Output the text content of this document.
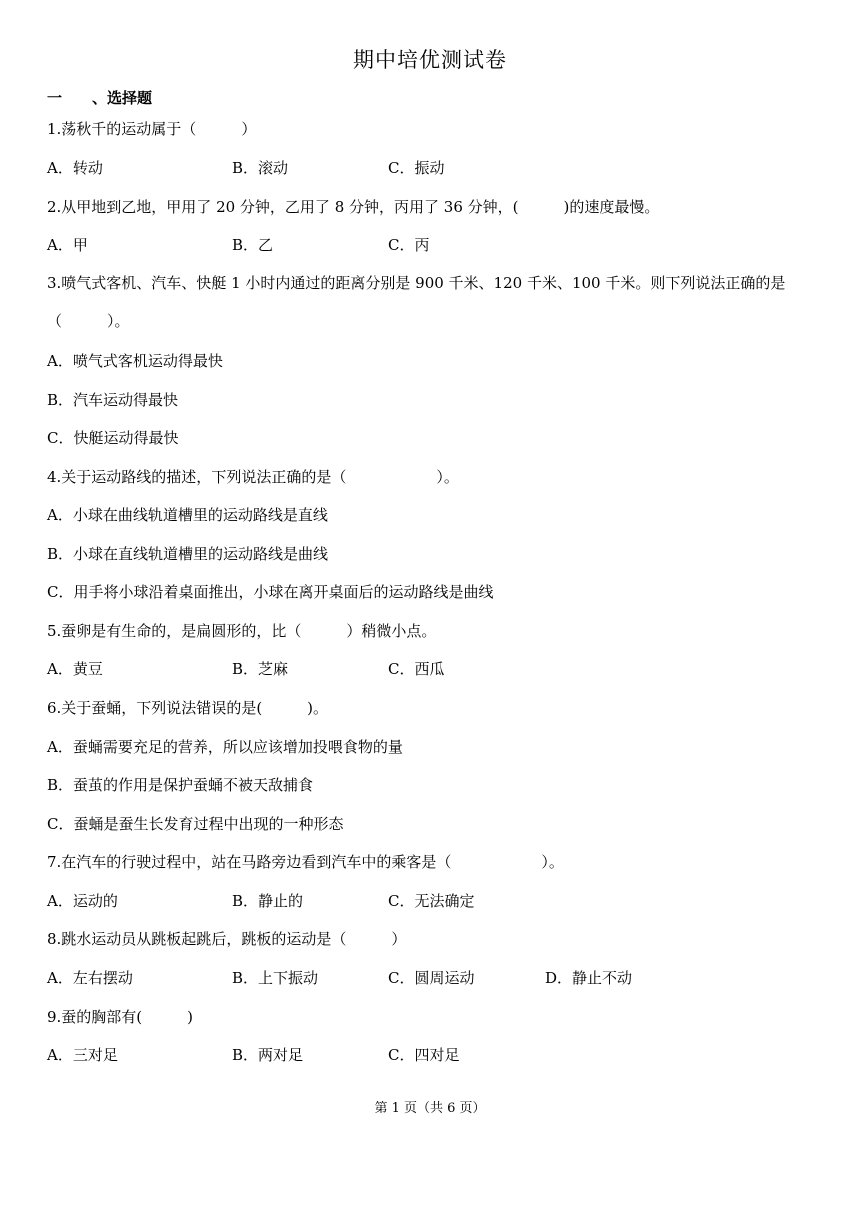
期中培优测试卷
一　　、选择题
1.荡秋千的运动属于（　　　）
A．转动	B．滚动	C．振动
2.从甲地到乙地，甲用了 20 分钟，乙用了 8 分钟，丙用了 36 分钟，(　　　)的速度最慢。
A．甲	B．乙	C．丙
3.喷气式客机、汽车、快艇 1 小时内通过的距离分别是 900 千米、120 千米、100 千米。则下列说法正确的是（　　　）。
A．喷气式客机运动得最快
B．汽车运动得最快
C．快艇运动得最快
4.关于运动路线的描述，下列说法正确的是（　　　　　　）。
A．小球在曲线轨道槽里的运动路线是直线
B．小球在直线轨道槽里的运动路线是曲线
C．用手将小球沿着桌面推出，小球在离开桌面后的运动路线是曲线
5.蚕卵是有生命的，是扁圆形的，比（　　　）稍微小点。
A．黄豆	B．芝麻	C．西瓜
6.关于蚕蛹，下列说法错误的是(　　　)。
A．蚕蛹需要充足的营养，所以应该增加投喂食物的量
B．蚕茧的作用是保护蚕蛹不被天敌捕食
C．蚕蛹是蚕生长发育过程中出现的一种形态
7.在汽车的行驶过程中，站在马路旁边看到汽车中的乘客是（　　　　　　）。
A．运动的	B．静止的	C．无法确定
8.跳水运动员从跳板起跳后，跳板的运动是（　　　）
A．左右摆动	B．上下振动	C．圆周运动	D．静止不动
9.蚕的胸部有(　　　)
A．三对足	B．两对足	C．四对足
第 1 页（共 6 页）
